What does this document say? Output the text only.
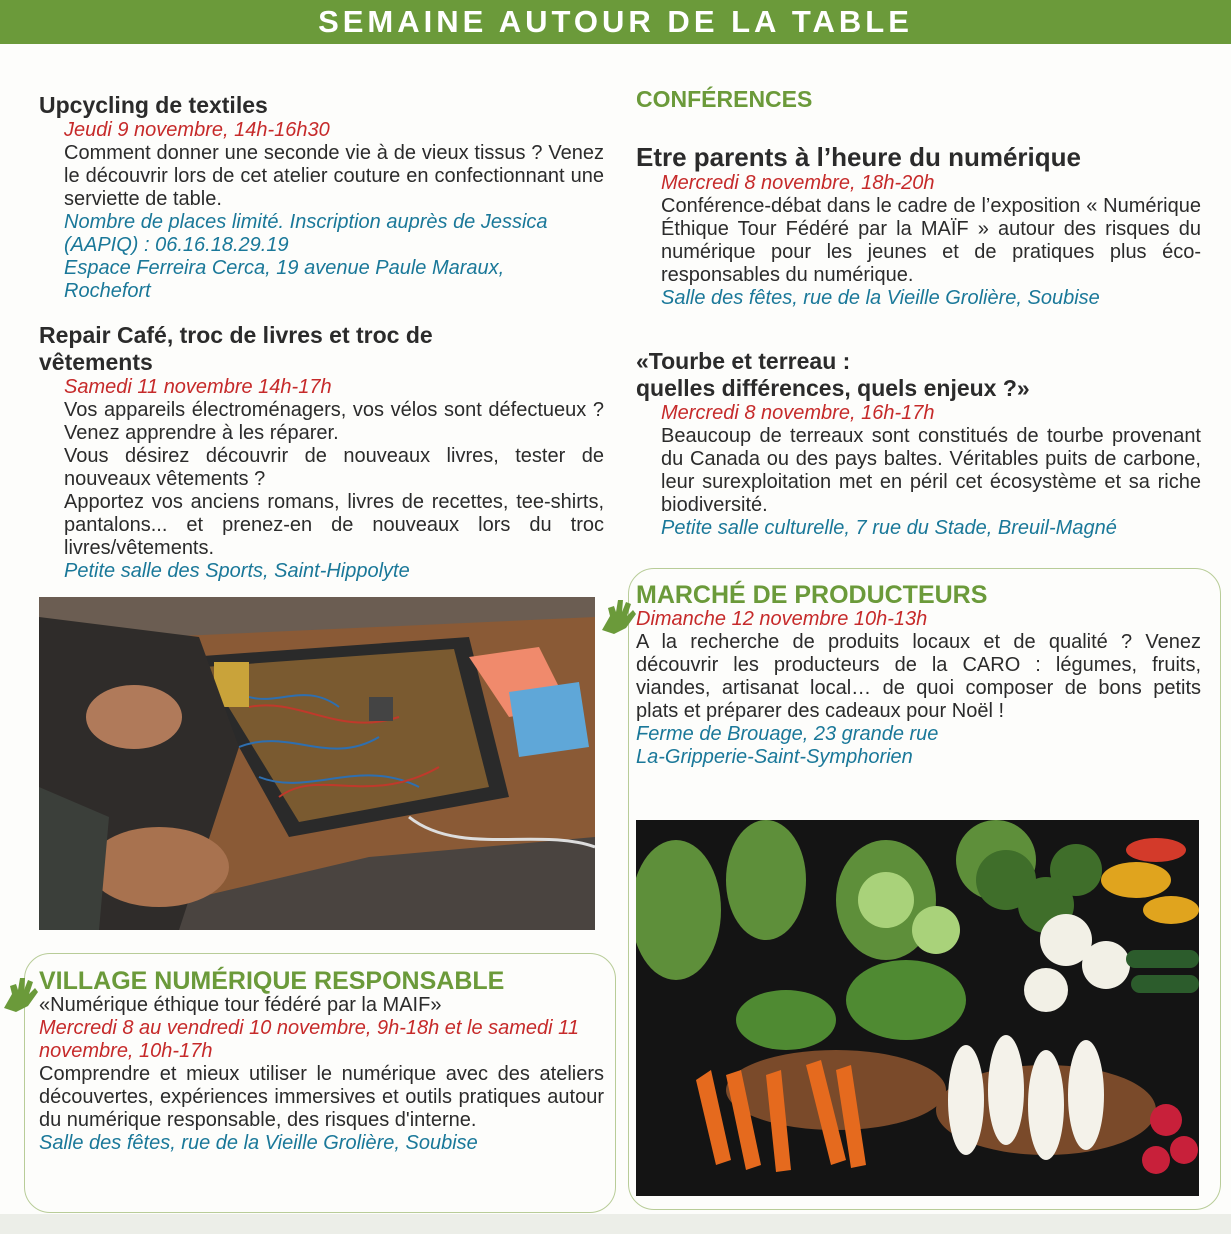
SEMAINE AUTOUR DE LA TABLE
Upcycling de textiles
Jeudi 9 novembre, 14h-16h30
Comment donner une seconde vie à de vieux tissus ? Venez le découvrir lors de cet atelier couture en confectionnant une serviette de table.
Nombre de places limité. Inscription auprès de Jessica (AAPIQ) : 06.16.18.29.19
Espace Ferreira Cerca, 19 avenue Paule Maraux,
Rochefort
Repair Café, troc de livres et troc de vêtements
Samedi 11 novembre 14h-17h
Vos appareils électroménagers, vos vélos sont défectueux ? Venez apprendre à les réparer.
Vous désirez découvrir de nouveaux livres, tester de nouveaux vêtements ?
Apportez vos anciens romans, livres de recettes, tee-shirts, pantalons... et prenez-en de nouveaux lors du troc livres/vêtements.
Petite salle des Sports, Saint-Hippolyte
VILLAGE NUMÉRIQUE RESPONSABLE
«Numérique éthique tour fédéré par la MAIF»
Mercredi 8 au vendredi 10 novembre, 9h-18h et le samedi 11 novembre, 10h-17h
Comprendre et mieux utiliser le numérique avec des ateliers découvertes, expériences immersives et outils pratiques autour du numérique responsable, des risques d'interne.
Salle des fêtes, rue de la Vieille Grolière, Soubise
CONFÉRENCES
Etre parents à l’heure du numérique
Mercredi 8 novembre, 18h-20h
Conférence-débat dans le cadre de l’exposition « Numérique Éthique Tour Fédéré par la MAÏF » autour des risques du numérique pour les jeunes et de pratiques plus éco-responsables du numérique.
Salle des fêtes, rue de la Vieille Grolière, Soubise
«Tourbe et terreau :
quelles différences, quels enjeux ?»
Mercredi 8 novembre, 16h-17h
Beaucoup de terreaux sont constitués de tourbe provenant du Canada ou des pays baltes. Véritables puits de carbone, leur surexploitation met en péril cet écosystème et sa riche biodiversité.
Petite salle culturelle, 7 rue du Stade, Breuil-Magné
MARCHÉ DE PRODUCTEURS
Dimanche 12 novembre 10h-13h
A la recherche de produits locaux et de qualité ? Venez découvrir les producteurs de la CARO : légumes, fruits, viandes, artisanat local… de quoi composer de bons petits plats et préparer des cadeaux pour Noël !
Ferme de Brouage, 23 grande rue
La-Gripperie-Saint-Symphorien
